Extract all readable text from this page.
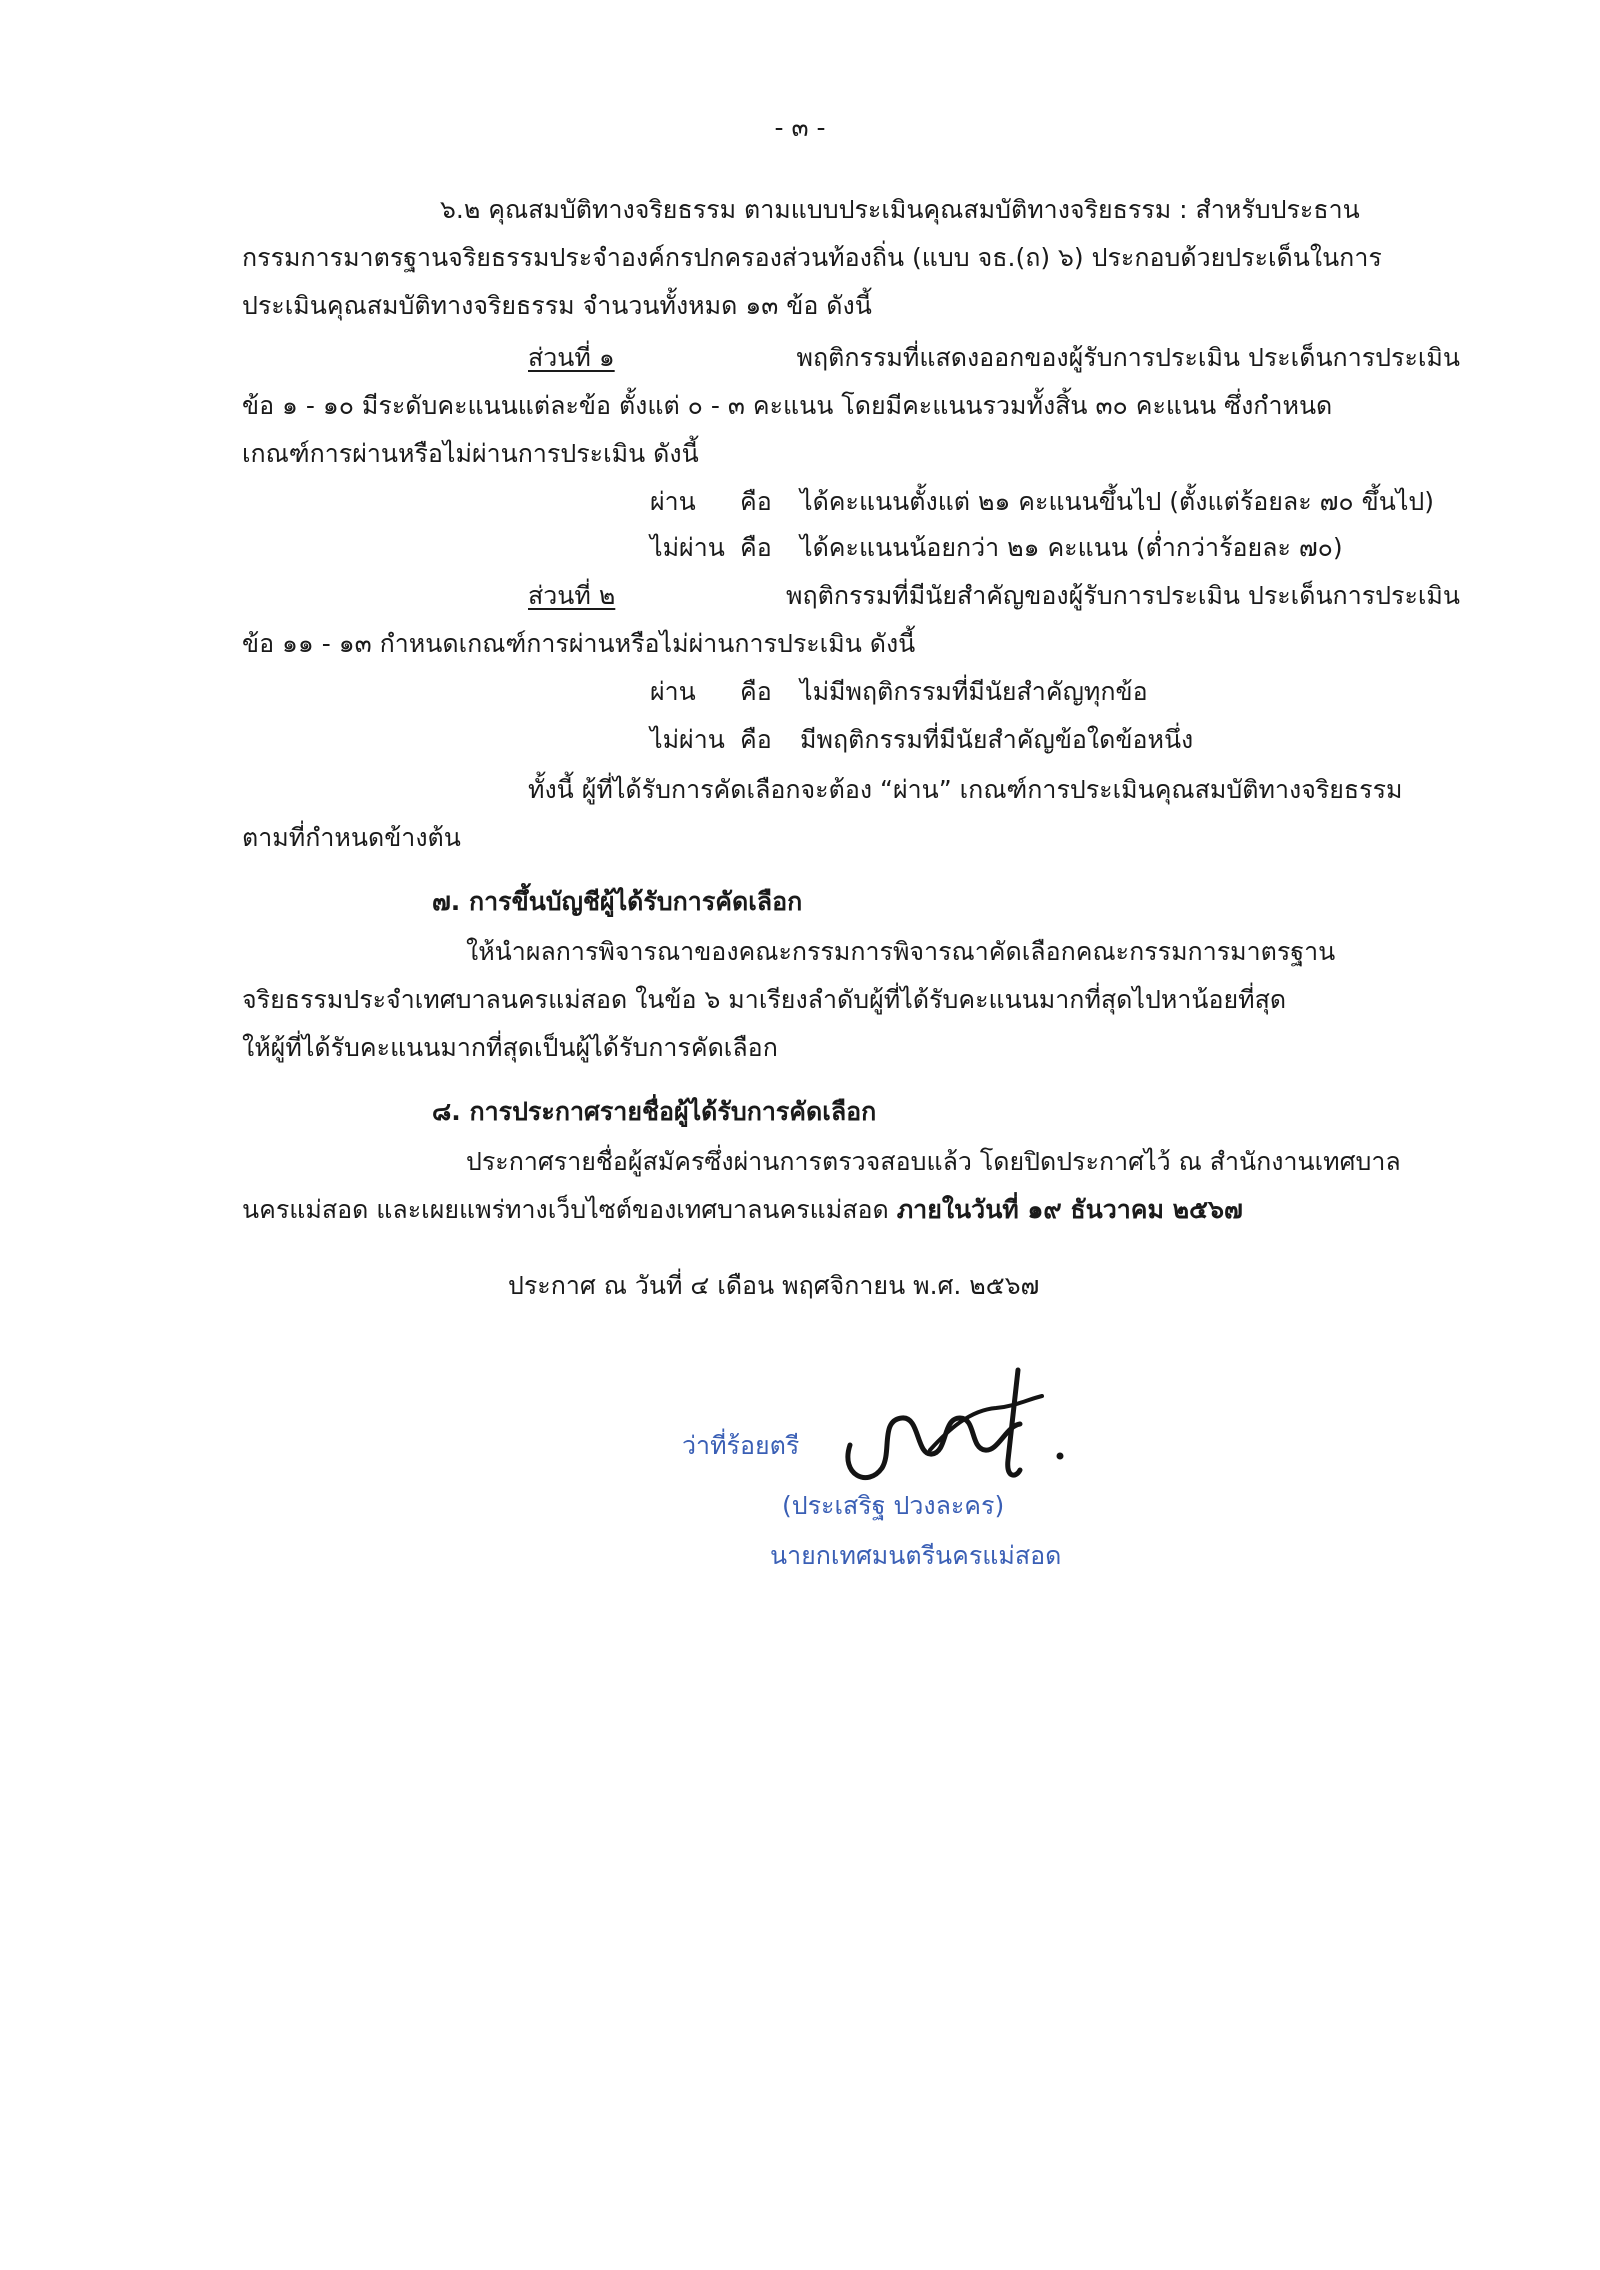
- ๓ -
๖.๒ คุณสมบัติทางจริยธรรม ตามแบบประเมินคุณสมบัติทางจริยธรรม : สำหรับประธาน
กรรมการมาตรฐานจริยธรรมประจำองค์กรปกครองส่วนท้องถิ่น (แบบ จธ.(ถ) ๖) ประกอบด้วยประเด็นในการ
ประเมินคุณสมบัติทางจริยธรรม จำนวนทั้งหมด ๑๓ ข้อ ดังนี้
ส่วนที่ ๑	พฤติกรรมที่แสดงออกของผู้รับการประเมิน ประเด็นการประเมิน
ข้อ ๑ - ๑๐ มีระดับคะแนนแต่ละข้อ ตั้งแต่ ๐ - ๓ คะแนน โดยมีคะแนนรวมทั้งสิ้น ๓๐ คะแนน ซึ่งกำหนด
เกณฑ์การผ่านหรือไม่ผ่านการประเมิน ดังนี้
ผ่าน	คือ ได้คะแนนตั้งแต่ ๒๑ คะแนนขึ้นไป (ตั้งแต่ร้อยละ ๗๐ ขึ้นไป)
ไม่ผ่าน คือ ได้คะแนนน้อยกว่า ๒๑ คะแนน (ต่ำกว่าร้อยละ ๗๐)
ส่วนที่ ๒	พฤติกรรมที่มีนัยสำคัญของผู้รับการประเมิน ประเด็นการประเมิน
ข้อ ๑๑ - ๑๓ กำหนดเกณฑ์การผ่านหรือไม่ผ่านการประเมิน ดังนี้
ผ่าน	คือ ไม่มีพฤติกรรมที่มีนัยสำคัญทุกข้อ
ไม่ผ่าน คือ มีพฤติกรรมที่มีนัยสำคัญข้อใดข้อหนึ่ง
ทั้งนี้ ผู้ที่ได้รับการคัดเลือกจะต้อง “ผ่าน” เกณฑ์การประเมินคุณสมบัติทางจริยธรรม
ตามที่กำหนดข้างต้น
๗. การขึ้นบัญชีผู้ได้รับการคัดเลือก
ให้นำผลการพิจารณาของคณะกรรมการพิจารณาคัดเลือกคณะกรรมการมาตรฐาน
จริยธรรมประจำเทศบาลนครแม่สอด ในข้อ ๖ มาเรียงลำดับผู้ที่ได้รับคะแนนมากที่สุดไปหาน้อยที่สุด
ให้ผู้ที่ได้รับคะแนนมากที่สุดเป็นผู้ได้รับการคัดเลือก
๘. การประกาศรายชื่อผู้ได้รับการคัดเลือก
ประกาศรายชื่อผู้สมัครซึ่งผ่านการตรวจสอบแล้ว โดยปิดประกาศไว้ ณ สำนักงานเทศบาล
นครแม่สอด และเผยแพร่ทางเว็บไซต์ของเทศบาลนครแม่สอด ภายในวันที่ ๑๙ ธันวาคม ๒๕๖๗
ประกาศ ณ วันที่ ๔ เดือน พฤศจิกายน พ.ศ. ๒๕๖๗
ว่าที่ร้อยตรี
(ประเสริฐ ปวงละคร)
นายกเทศมนตรีนครแม่สอด
